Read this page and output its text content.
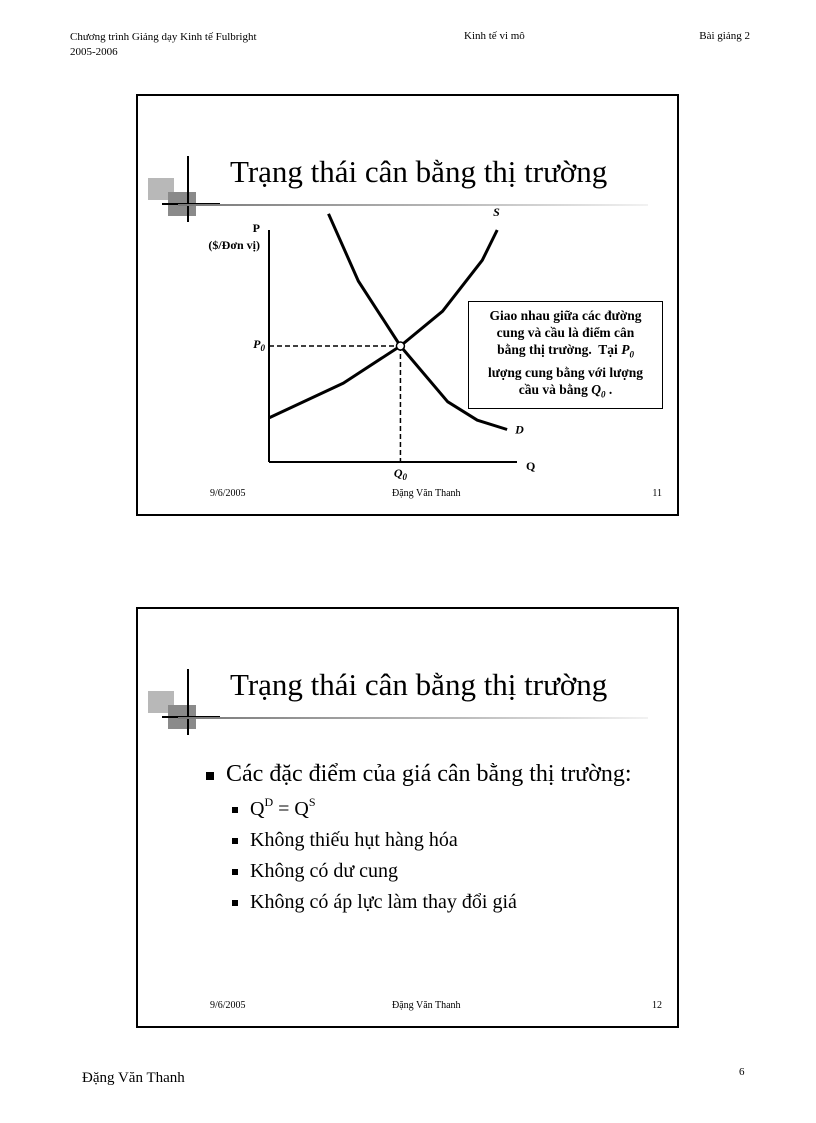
Chương trình Giảng dạy Kinh tế Fulbright
2005-2006
Kinh tế vi mô	Bài giảng 2
Trạng thái cân bằng thị trường
P
($/Đơn vị)
Q
S
D
$P_0$
$Q_0$
Giao nhau giữa các đường
cung và cầu là điểm cân
bằng thị trường. Tại $P_0$
lượng cung bằng với lượng
cầu và bằng $Q_0$ .
9/6/2005	Đặng Văn Thanh	11
Trạng thái cân bằng thị trường
Các đặc điểm của giá cân bằng thị trường:
$Q^D = Q^S$
Không thiếu hụt hàng hóa
Không có dư cung
Không có áp lực làm thay đổi giá
9/6/2005	Đặng Văn Thanh	12
Đặng Văn Thanh	6
